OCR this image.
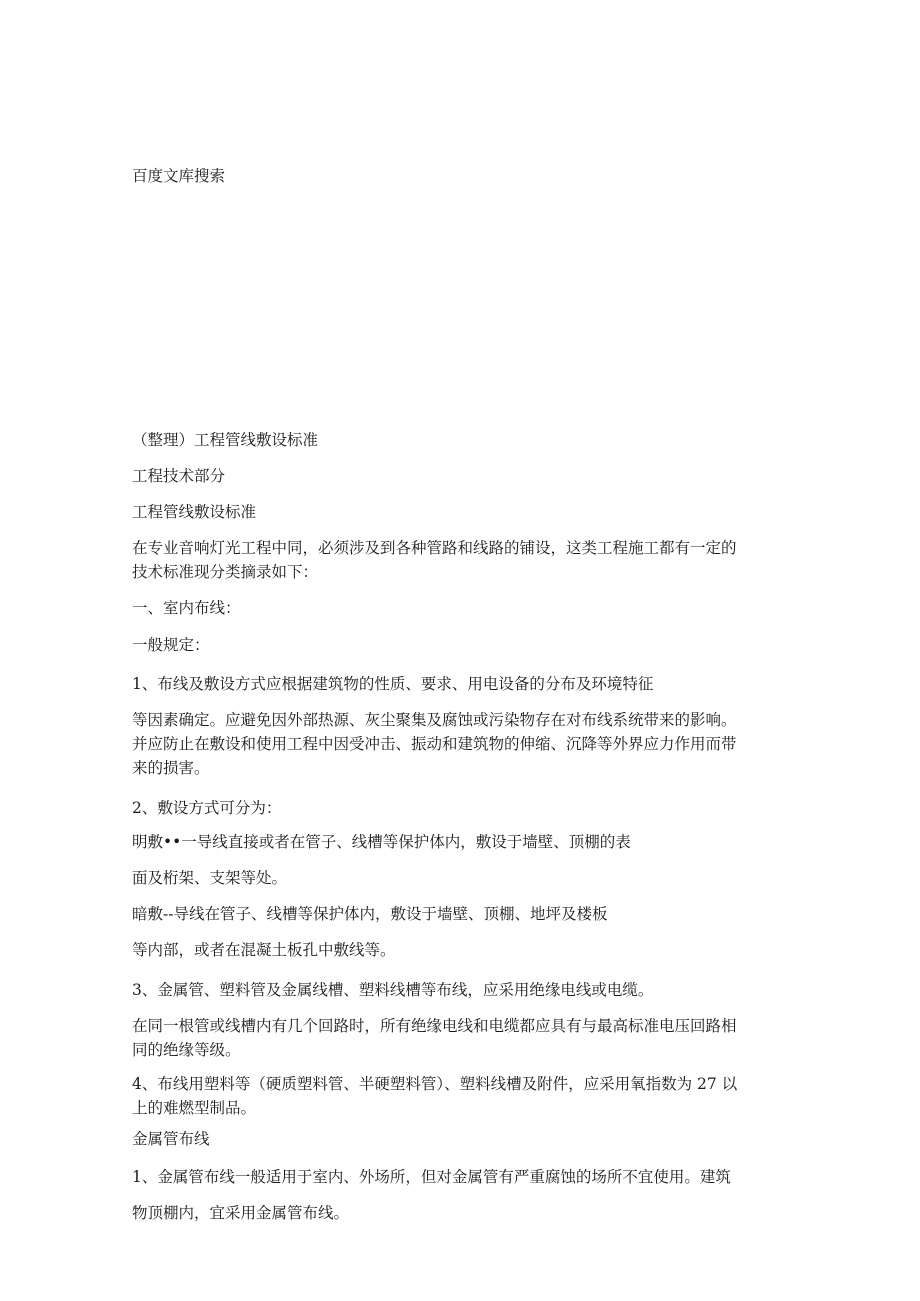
百度文库搜索
（整理）工程管线敷设标准
工程技术部分
工程管线敷设标准
在专业音响灯光工程中同，必须涉及到各种管路和线路的铺设，这类工程施工都有一定的
技术标准现分类摘录如下：
一、室内布线：
一般规定：
1、布线及敷设方式应根据建筑物的性质、要求、用电设备的分布及环境特征
等因素确定。应避免因外部热源、灰尘聚集及腐蚀或污染物存在对布线系统带来的影响。
并应防止在敷设和使用工程中因受冲击、振动和建筑物的伸缩、沉降等外界应力作用而带
来的损害。
2、敷设方式可分为：
明敷••一导线直接或者在管子、线槽等保护体内，敷设于墙壁、顶棚的表
面及桁架、支架等处。
暗敷--导线在管子、线槽等保护体内，敷设于墙壁、顶棚、地坪及楼板
等内部，或者在混凝土板孔中敷线等。
3、金属管、塑料管及金属线槽、塑料线槽等布线，应采用绝缘电线或电缆。
在同一根管或线槽内有几个回路时，所有绝缘电线和电缆都应具有与最高标准电压回路相
同的绝缘等级。
4、布线用塑料等（硬质塑料管、半硬塑料管）、塑料线槽及附件，应采用氧指数为 27 以
上的难燃型制品。
金属管布线
1、金属管布线一般适用于室内、外场所，但对金属管有严重腐蚀的场所不宜使用。建筑
物顶棚内，宜采用金属管布线。
